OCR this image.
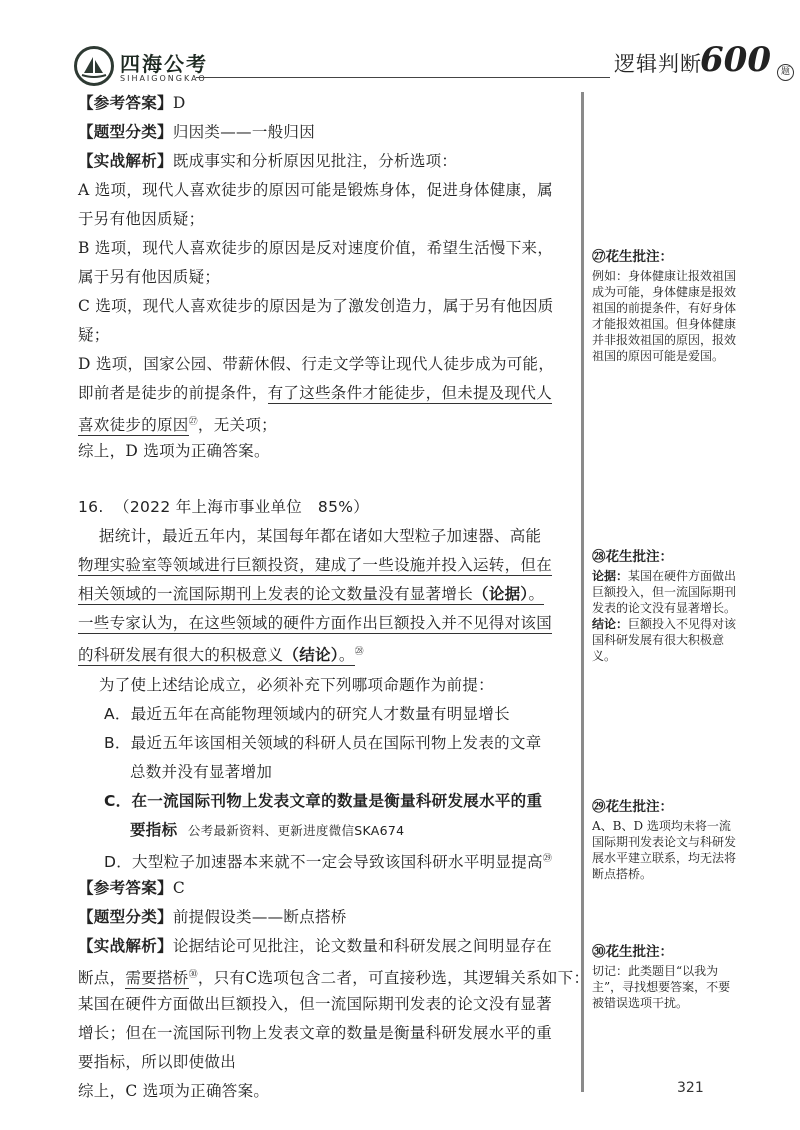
四海公考
SIHAIGONGKAO
逻辑判断
600	题
【参考答案】D
【题型分类】归因类——一般归因
【实战解析】既成事实和分析原因见批注，分析选项：
A 选项，现代人喜欢徒步的原因可能是锻炼身体，促进身体健康，属
于另有他因质疑；
B 选项，现代人喜欢徒步的原因是反对速度价值，希望生活慢下来，
属于另有他因质疑；
C 选项，现代人喜欢徒步的原因是为了激发创造力，属于另有他因质
疑；
D 选项，国家公园、带薪休假、行走文学等让现代人徒步成为可能，
即前者是徒步的前提条件，有了这些条件才能徒步，但未提及现代人
喜欢徒步的原因$^㉗$，无关项；
综上，D 选项为正确答案。
16. （2022 年上海市事业单位　85%）
据统计，最近五年内，某国每年都在诸如大型粒子加速器、高能
物理实验室等领域进行巨额投资，建成了一些设施并投入运转，但在
相关领域的一流国际期刊上发表的论文数量没有显著增长（论据）。
一些专家认为，在这些领域的硬件方面作出巨额投入并不见得对该国
的科研发展有很大的积极意义（结论）。$^㉘$
为了使上述结论成立，必须补充下列哪项命题作为前提：
A．最近五年在高能物理领域内的研究人才数量有明显增长
B．最近五年该国相关领域的科研人员在国际刊物上发表的文章
总数并没有显著增加
C．在一流国际刊物上发表文章的数量是衡量科研发展水平的重
要指标 公考最新资料、更新进度微信SKA674
D．大型粒子加速器本来就不一定会导致该国科研水平明显提高$^㉙$
【参考答案】C
【题型分类】前提假设类——断点搭桥
【实战解析】论据结论可见批注，论文数量和科研发展之间明显存在
断点，需要搭桥$^㉚$，只有C选项包含二者，可直接秒选，其逻辑关系如下：
某国在硬件方面做出巨额投入，但一流国际期刊发表的论文没有显著
增长；但在一流国际刊物上发表文章的数量是衡量科研发展水平的重
要指标，所以即使做出
综上，C 选项为正确答案。
㉗花生批注：
例如：身体健康让报效祖国成为可能，身体健康是报效祖国的前提条件，有好身体才能报效祖国。但身体健康并非报效祖国的原因，报效祖国的原因可能是爱国。
㉘花生批注：
论据：某国在硬件方面做出巨额投入，但一流国际期刊发表的论文没有显著增长。
结论：巨额投入不见得对该国科研发展有很大积极意义。
㉙花生批注：
A、B、D 选项均未将一流国际期刊发表论文与科研发展水平建立联系，均无法将断点搭桥。
㉚花生批注：
切记：此类题目“以我为主”，寻找想要答案，不要被错误选项干扰。
321
